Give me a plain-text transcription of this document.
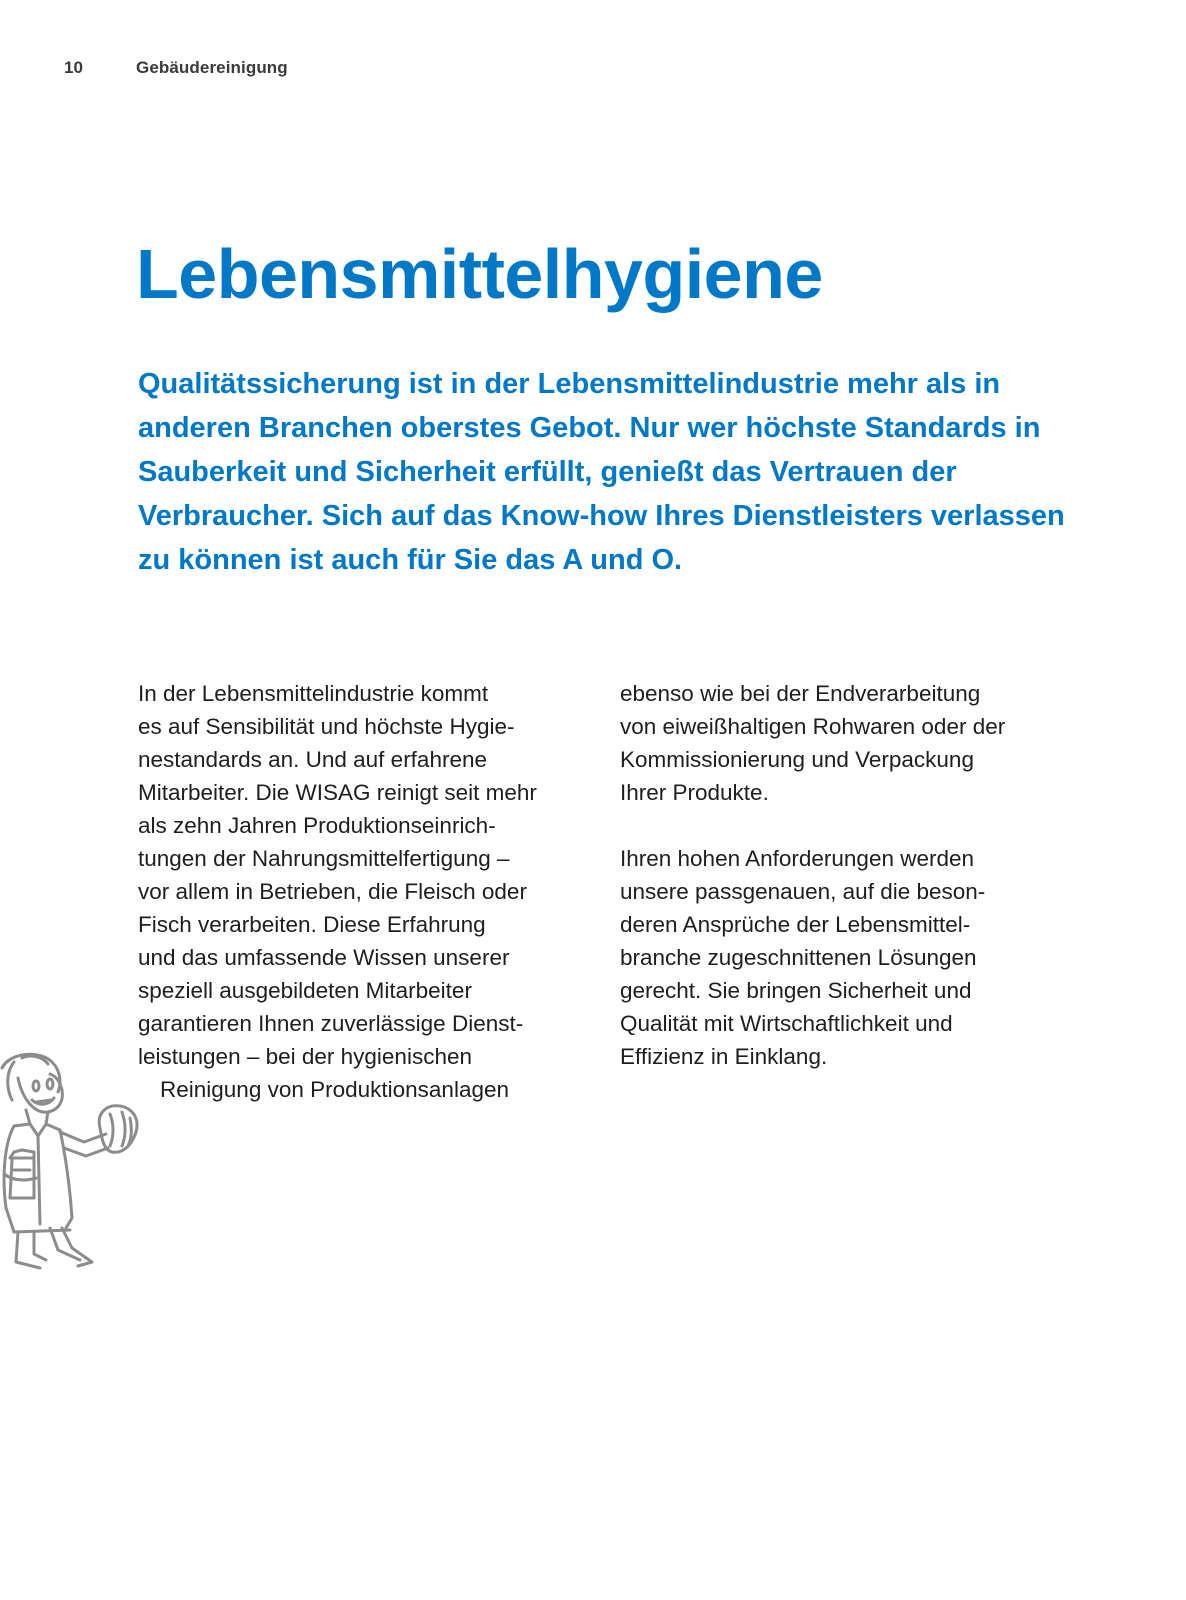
10	Gebäudereinigung
Lebensmittelhygiene

Qualitätssicherung ist in der Lebensmittelindustrie mehr als in anderen Branchen oberstes Gebot. Nur wer höchste Standards in Sauberkeit und Sicherheit erfüllt, genießt das Vertrauen der Verbraucher. Sich auf das Know-how Ihres Dienstleisters verlassen zu können ist auch für Sie das A und O.

In der Lebensmittelindustrie kommt
es auf Sensibilität und höchste Hygie-
nestandards an. Und auf erfahrene
Mitarbeiter. Die WISAG reinigt seit mehr
als zehn Jahren Produktionseinrich-
tungen der Nahrungsmittelfertigung –
vor allem in Betrieben, die Fleisch oder
Fisch verarbeiten. Diese Erfahrung
und das umfassende Wissen unserer
speziell ausgebildeten Mitarbeiter
garantieren Ihnen zuverlässige Dienst-
leistungen – bei der hygienischen
Reinigung von Produktionsanlagen

ebenso wie bei der Endverarbeitung
von eiweißhaltigen Rohwaren oder der
Kommissionierung und Verpackung
Ihrer Produkte.

Ihren hohen Anforderungen werden
unsere passgenauen, auf die beson-
deren Ansprüche der Lebensmittel-
branche zugeschnittenen Lösungen
gerecht. Sie bringen Sicherheit und
Qualität mit Wirtschaftlichkeit und
Effizienz in Einklang.
